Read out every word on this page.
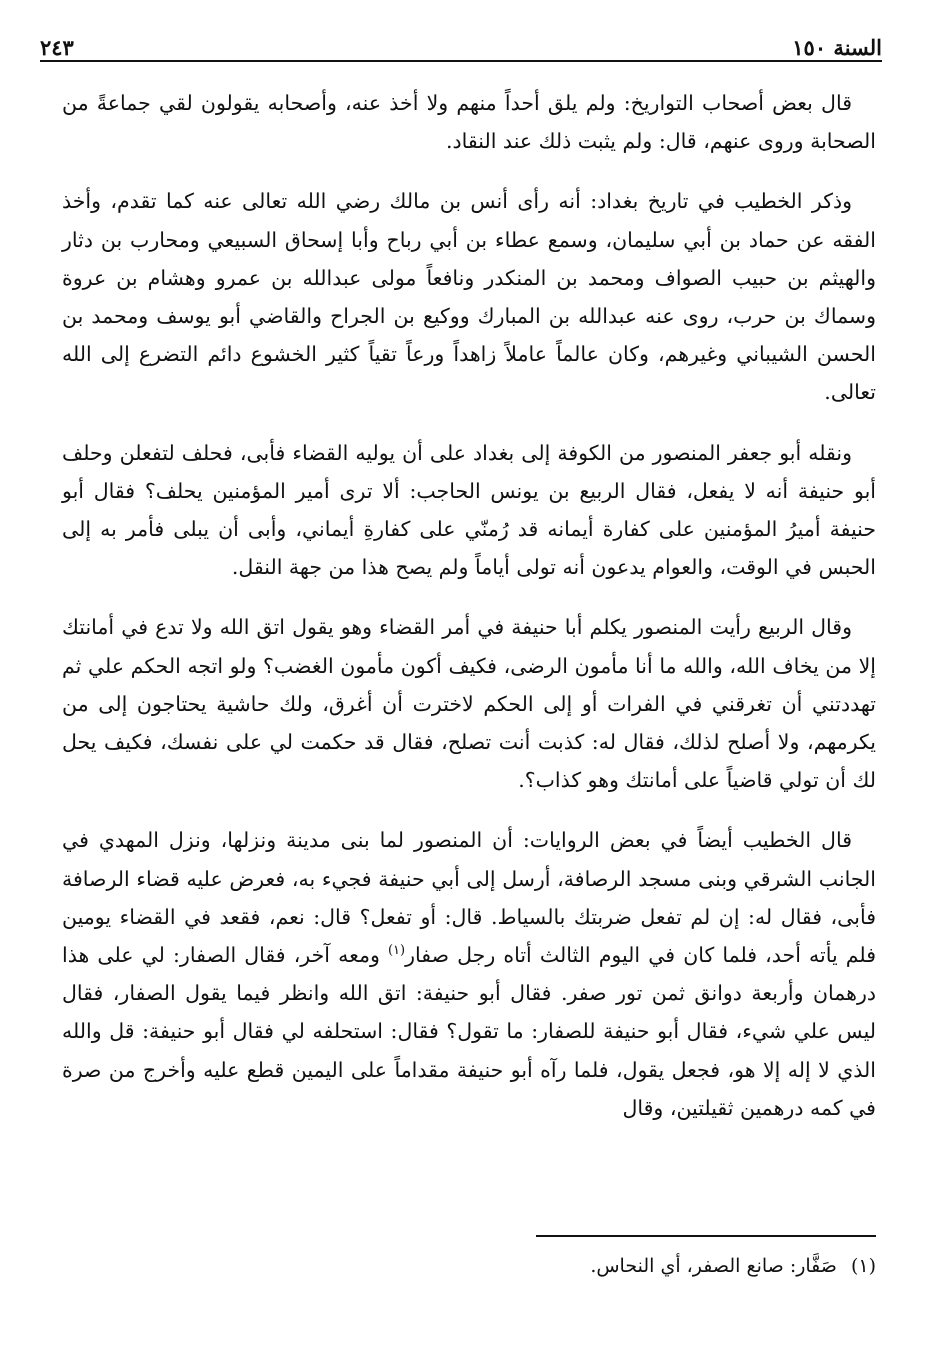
السنة ١٥٠
٢٤٣

قال بعض أصحاب التواريخ: ولم يلق أحداً منهم ولا أخذ عنه، وأصحابه يقولون لقي جماعةً من الصحابة وروى عنهم، قال: ولم يثبت ذلك عند النقاد.

وذكر الخطيب في تاريخ بغداد: أنه رأى أنس بن مالك رضي الله تعالى عنه كما تقدم، وأخذ الفقه عن حماد بن أبي سليمان، وسمع عطاء بن أبي رباح وأبا إسحاق السبيعي ومحارب بن دثار والهيثم بن حبيب الصواف ومحمد بن المنكدر ونافعاً مولى عبدالله بن عمرو وهشام بن عروة وسماك بن حرب، روى عنه عبدالله بن المبارك ووكيع بن الجراح والقاضي أبو يوسف ومحمد بن الحسن الشيباني وغيرهم، وكان عالماً عاملاً زاهداً ورعاً تقياً كثير الخشوع دائم التضرع إلى الله تعالى.

ونقله أبو جعفر المنصور من الكوفة إلى بغداد على أن يوليه القضاء فأبى، فحلف لتفعلن وحلف أبو حنيفة أنه لا يفعل، فقال الربيع بن يونس الحاجب: ألا ترى أمير المؤمنين يحلف؟ فقال أبو حنيفة أميرُ المؤمنين على كفارة أيمانه قد رُمنّي على كفارةِ أيماني، وأبى أن يبلى فأمر به إلى الحبس في الوقت، والعوام يدعون أنه تولى أياماً ولم يصح هذا من جهة النقل.

وقال الربيع رأيت المنصور يكلم أبا حنيفة في أمر القضاء وهو يقول اتق الله ولا تدع في أمانتك إلا من يخاف الله، والله ما أنا مأمون الرضى، فكيف أكون مأمون الغضب؟ ولو اتجه الحكم علي ثم تهددتني أن تغرقني في الفرات أو إلى الحكم لاخترت أن أغرق، ولك حاشية يحتاجون إلى من يكرمهم، ولا أصلح لذلك، فقال له: كذبت أنت تصلح، فقال قد حكمت لي على نفسك، فكيف يحل لك أن تولي قاضياً على أمانتك وهو كذاب؟.

قال الخطيب أيضاً في بعض الروايات: أن المنصور لما بنى مدينة ونزلها، ونزل المهدي في الجانب الشرقي وبنى مسجد الرصافة، أرسل إلى أبي حنيفة فجيء به، فعرض عليه قضاء الرصافة فأبى، فقال له: إن لم تفعل ضربتك بالسياط. قال: أو تفعل؟ قال: نعم، فقعد في القضاء يومين فلم يأته أحد، فلما كان في اليوم الثالث أتاه رجل صفار$^{(١)}$ ومعه آخر، فقال الصفار: لي على هذا درهمان وأربعة دوانق ثمن تور صفر. فقال أبو حنيفة: اتق الله وانظر فيما يقول الصفار، فقال ليس علي شيء، فقال أبو حنيفة للصفار: ما تقول؟ فقال: استحلفه لي فقال أبو حنيفة: قل والله الذي لا إله إلا هو، فجعل يقول، فلما رآه أبو حنيفة مقداماً على اليمين قطع عليه وأخرج من صرة في كمه درهمين ثقيلتين، وقال

(١)صَفَّار: صانع الصفر، أي النحاس.
